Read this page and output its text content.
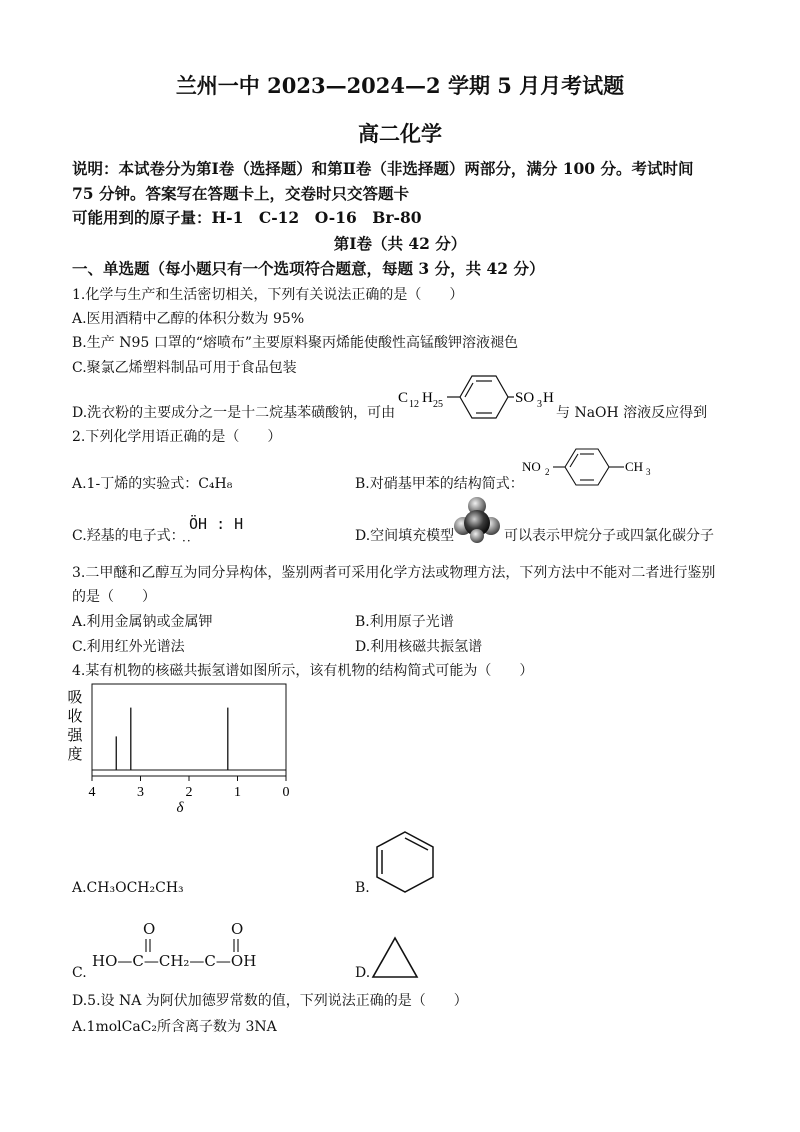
兰州一中 2023—2024—2 学期 5 月月考试题
高二化学
说明：本试卷分为第Ⅰ卷（选择题）和第Ⅱ卷（非选择题）两部分，满分 100 分。考试时间
75 分钟。答案写在答题卡上，交卷时只交答题卡
可能用到的原子量：H-1　C-12　O-16　Br-80
第Ⅰ卷（共 42 分）
一、单选题（每小题只有一个选项符合题意，每题 3 分，共 42 分）
1.化学与生产和生活密切相关，下列有关说法正确的是（　　）
A.医用酒精中乙醇的体积分数为 95%
B.生产 N95 口罩的“熔喷布”主要原料聚丙烯能使酸性高锰酸钾溶液褪色
C.聚氯乙烯塑料制品可用于食品包装
D.洗衣粉的主要成分之一是十二烷基苯磺酸钠，可由
C 12 H 25	SO 3 H
与 NaOH 溶液反应得到
2.下列化学用语正确的是（　　）
A.1-丁烯的实验式：C₄H₈	B.对硝基甲苯的结构简式：
NO 2	CH 3
C.羟基的电子式：
ÖH : H
··	D.空间填充模型	可以表示甲烷分子或四氯化碳分子
3.二甲醚和乙醇互为同分异构体，鉴别两者可采用化学方法或物理方法，下列方法中不能对二者进行鉴别
的是（　　）
A.利用金属钠或金属钾	B.利用原子光谱
C.利用红外光谱法	D.利用核磁共振氢谱
4.某有机物的核磁共振氢谱如图所示，该有机物的结构简式可能为（　　）
吸
收
强
度
4	3	2	1	0
δ
A.CH₃OCH₂CH₃	B.
C.
HO—C—CH₂—C—OH
O	O
D.
D.5.设 NA 为阿伏加德罗常数的值，下列说法正确的是（　　）
A.1molCaC₂所含离子数为 3NA
